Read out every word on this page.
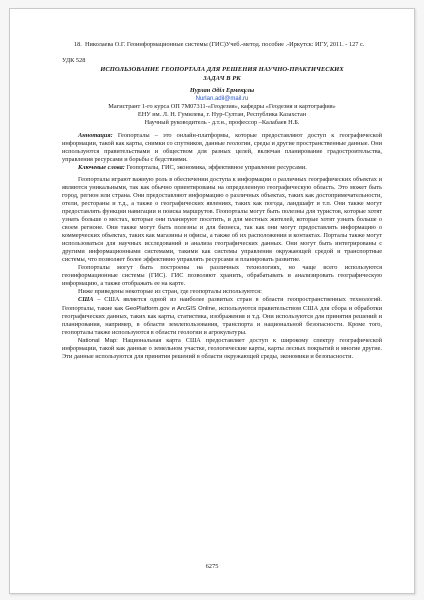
18. Николаева О.Г. Геоинформационные системы (ГИС)Учеб.-метод. пособие .-Иркутск: ИГУ, 2011. - 127 с.

УДК 528

ИСПОЛЬЗОВАНИЕ ГЕОПОРТАЛА ДЛЯ РЕШЕНИЯ НАУЧНО-ПРАКТИЧЕСКИХ ЗАДАЧ В РК

Нурлан Әділ Ермекұлы

Nurlan.adil@mail.ru

Магистрант 1-го курса ОП 7М07311-«Геодезия», кафедры «Геодезия и картография»

ЕНУ им. Л. Н. Гумилева, г. Нур-Султан, Республика Казахстан

Научный руководитель - д.т.н., профессор –Калабаев Н.Б.

Аннотация: Геопорталы – это онлайн-платформы, которые предоставляют доступ к географической информации, такой как карты, снимки со спутников, данные геологии, среды и другие пространственные данные. Они используются правительствами и обществом для разных целей, включая планирование градостроительства, управления ресурсами и борьбы с бедствиями.

Ключевые слова: Геопорталы, ГИС, экономика, эффективное управление ресурсами.

Геопорталы играют важную роль в обеспечении доступа к информации о различных географических объектах и являются уникальными, так как обычно ориентированы на определенную географическую область. Это может быть город, регион или страна. Они предоставляют информацию о различных объектах, таких как достопримечательности, отели, рестораны и т.д., а также о географических явлениях, таких как погода, ландшафт и т.п. Они также могут предоставлять функции навигации и поиска маршрутов. Геопорталы могут быть полезны для туристов, которые хотят узнать больше о местах, которые они планируют посетить, и для местных жителей, которые хотят узнать больше о своем регионе. Они также могут быть полезны и для бизнеса, так как они могут предоставлять информацию о коммерческих объектах, таких как магазины и офисы, а также об их расположении и контактах. Порталы также могут использоваться для научных исследований и анализа географических данных. Они могут быть интегрированы с другими информационными системами, такими как системы управления окружающей средой и транспортные системы, что позволяет более эффективно управлять ресурсами и планировать развитие.

Геопорталы могут быть построены на различных технологиях, но чаще всего используются геоинформационные системы (ГИС). ГИС позволяют хранить, обрабатывать и анализировать географическую информацию, а также отображать ее на карте.

Ниже приведены некоторые из стран, где геопорталы используются:

США – США является одной из наиболее развитых стран в области геопространственных технологий. Геопорталы, такие как GeoPlatform.gov и ArcGIS Online, используются правительством США для сбора и обработки географических данных, таких как карты, статистика, изображения и т.д. Они используются для принятия решений и планирования, например, в области землепользования, транспорта и национальной безопасности. Кроме того, геопорталы также используются в области геологии и агрокультуры.

National Map: Национальная карта США предоставляет доступ к широкому спектру географической информации, такой как данные о земельном участке, геологические карты, карты лесных покрытий и многие другие. Эти данные используются для принятия решений в области окружающей среды, экономики и безопасности.

6275
